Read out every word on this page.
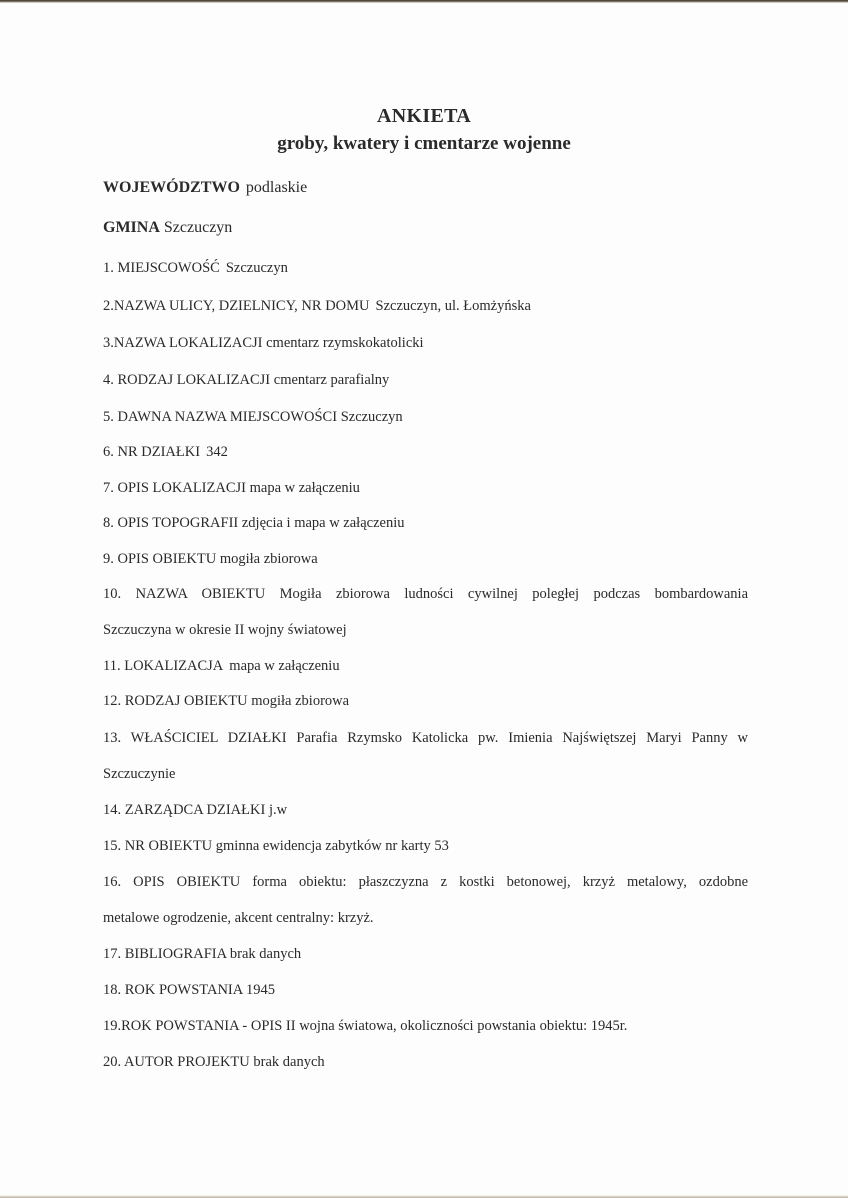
ANKIETA
groby, kwatery i cmentarze wojenne
WOJEWÓDZTWO podlaskie
GMINA Szczuczyn
1. MIEJSCOWOŚĆ Szczuczyn
2.NAZWA ULICY, DZIELNICY, NR DOMU Szczuczyn, ul. Łomżyńska
3.NAZWA LOKALIZACJI cmentarz rzymskokatolicki
4. RODZAJ LOKALIZACJI cmentarz parafialny
5. DAWNA NAZWA MIEJSCOWOŚCI Szczuczyn
6. NR DZIAŁKI 342
7. OPIS LOKALIZACJI mapa w załączeniu
8. OPIS TOPOGRAFII zdjęcia i mapa w załączeniu
9. OPIS OBIEKTU mogiła zbiorowa
10. NAZWA OBIEKTU Mogiła zbiorowa ludności cywilnej poległej podczas bombardowania
Szczuczyna w okresie II wojny światowej
11. LOKALIZACJA mapa w załączeniu
12. RODZAJ OBIEKTU mogiła zbiorowa
13. WŁAŚCICIEL DZIAŁKI Parafia Rzymsko Katolicka pw. Imienia Najświętszej Maryi Panny w
Szczuczynie
14. ZARZĄDCA DZIAŁKI j.w
15. NR OBIEKTU gminna ewidencja zabytków nr karty 53
16. OPIS OBIEKTU forma obiektu: płaszczyzna z kostki betonowej, krzyż metalowy, ozdobne
metalowe ogrodzenie, akcent centralny: krzyż.
17. BIBLIOGRAFIA brak danych
18. ROK POWSTANIA 1945
19.ROK POWSTANIA - OPIS II wojna światowa, okoliczności powstania obiektu: 1945r.
20. AUTOR PROJEKTU brak danych
